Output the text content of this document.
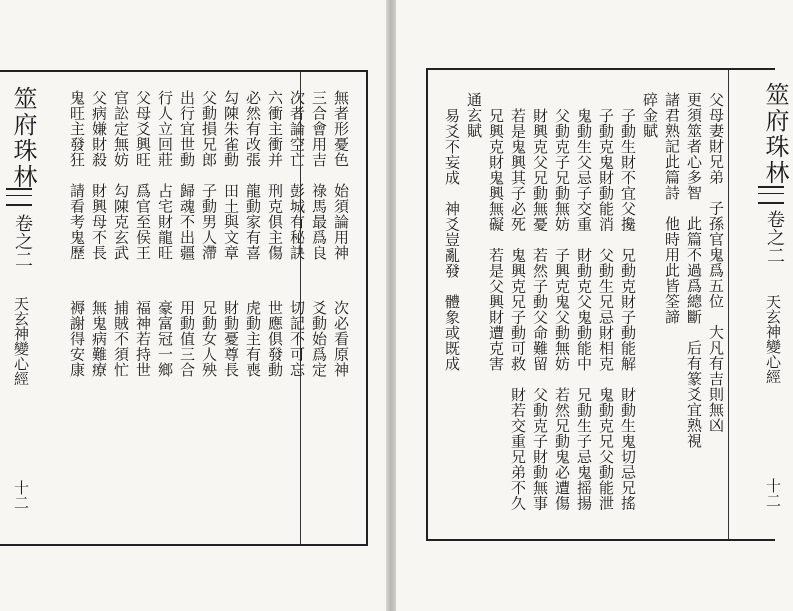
筮府珠林
卷之二
天玄神變心經
十二
無者形憂色　始須論用神
三合會用吉　祿馬最爲良
次者論空亡　彭城有秘訣
六衝主衝并　刑克俱主傷
必然有改張　龍動家有喜
勾陳朱雀動　田土與文章
父動損兄郎　子動男人滯
出行宜世動　歸魂不出疆
行人立回莊　占宅財龍旺
父母爻興旺　爲官至侯王
官訟定無妨　勾陳克玄武
父病嫌財殺　財興母不長
鬼旺主發狂　請看考鬼歷
次必看原神
爻動始爲定
切記不可忘
世應俱發動
虎動主有喪
財動憂尊長
兄動女人殃
用動值三合
豪富冠一鄉
福神若持世
捕賊不須忙
無鬼病難療
褥謝得安康	父母妻財兄弟　子孫官鬼爲五位　大凡有吉則無凶
更須筮者心多智　此篇不過爲總斷　后有篆爻宜熟視
諸君熟記此篇詩　他時用此皆筌諦
碎金賦
子動生財不宜父攙　兄動克財子動能解　財動生鬼切忌兄搖
子動克鬼財動能消　父動生兄忌財相克　鬼動克兄父動能泄
鬼動生父忌子交重　財動克父鬼動能中　兄動生子忌鬼摇揚
父動克子兄動無妨　子興克鬼父動無妨　若然兄動鬼必遭傷
財興克父兄動無憂　若然子動父命難留　父動克子財動無事
若是鬼興其子必死　鬼興克兄子動可救　財若交重兄弟不久
兄興克財鬼興無礙　若是父興財遭克害
通玄賦
易爻不妄成　神爻豈亂發　體象或既成	筮府珠林
卷之二
天玄神變心經
十二
